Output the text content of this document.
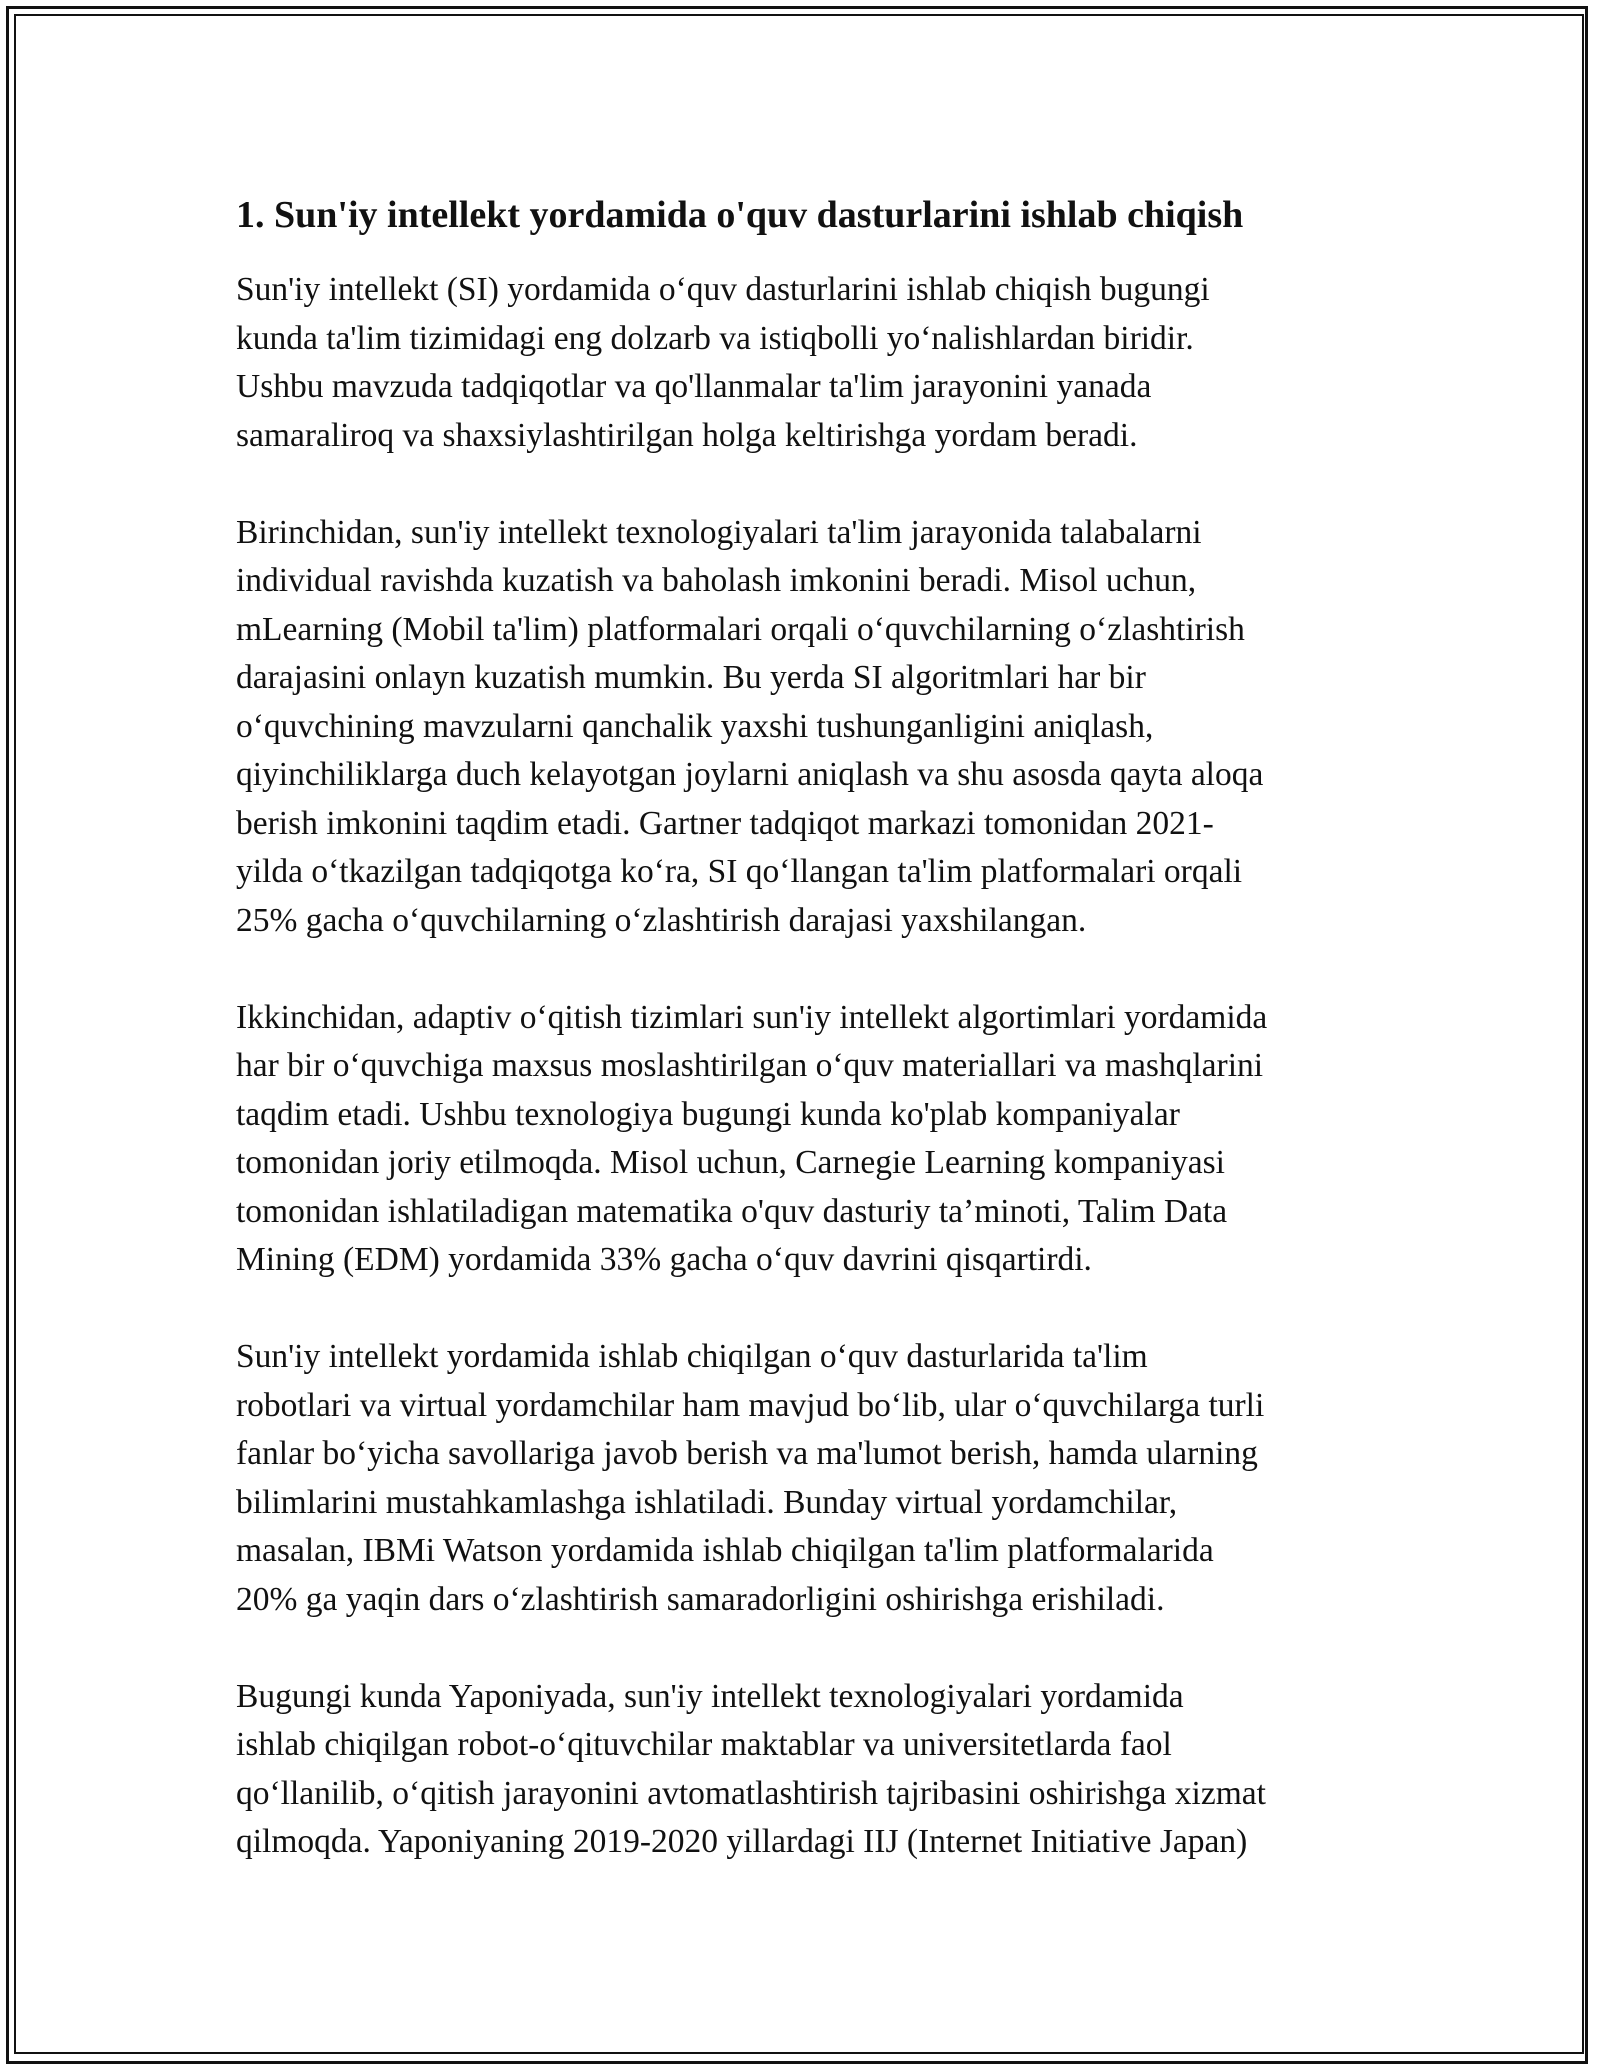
1. Sun'iy intellekt yordamida o'quv dasturlarini ishlab chiqish

Sun'iy intellekt (SI) yordamida o‘quv dasturlarini ishlab chiqish bugungi
kunda ta'lim tizimidagi eng dolzarb va istiqbolli yo‘nalishlardan biridir.
Ushbu mavzuda tadqiqotlar va qo'llanmalar ta'lim jarayonini yanada
samaraliroq va shaxsiylashtirilgan holga keltirishga yordam beradi.

Birinchidan, sun'iy intellekt texnologiyalari ta'lim jarayonida talabalarni
individual ravishda kuzatish va baholash imkonini beradi. Misol uchun,
mLearning (Mobil ta'lim) platformalari orqali o‘quvchilarning o‘zlashtirish
darajasini onlayn kuzatish mumkin. Bu yerda SI algoritmlari har bir
o‘quvchining mavzularni qanchalik yaxshi tushunganligini aniqlash,
qiyinchiliklarga duch kelayotgan joylarni aniqlash va shu asosda qayta aloqa
berish imkonini taqdim etadi. Gartner tadqiqot markazi tomonidan 2021-
yilda o‘tkazilgan tadqiqotga ko‘ra, SI qo‘llangan ta'lim platformalari orqali
25% gacha o‘quvchilarning o‘zlashtirish darajasi yaxshilangan.

Ikkinchidan, adaptiv o‘qitish tizimlari sun'iy intellekt algortimlari yordamida
har bir o‘quvchiga maxsus moslashtirilgan o‘quv materiallari va mashqlarini
taqdim etadi. Ushbu texnologiya bugungi kunda ko'plab kompaniyalar
tomonidan joriy etilmoqda. Misol uchun, Carnegie Learning kompaniyasi
tomonidan ishlatiladigan matematika o'quv dasturiy ta’minoti, Talim Data
Mining (EDM) yordamida 33% gacha o‘quv davrini qisqartirdi.

Sun'iy intellekt yordamida ishlab chiqilgan o‘quv dasturlarida ta'lim
robotlari va virtual yordamchilar ham mavjud bo‘lib, ular o‘quvchilarga turli
fanlar bo‘yicha savollariga javob berish va ma'lumot berish, hamda ularning
bilimlarini mustahkamlashga ishlatiladi. Bunday virtual yordamchilar,
masalan, IBMi Watson yordamida ishlab chiqilgan ta'lim platformalarida
20% ga yaqin dars o‘zlashtirish samaradorligini oshirishga erishiladi.

Bugungi kunda Yaponiyada, sun'iy intellekt texnologiyalari yordamida
ishlab chiqilgan robot-o‘qituvchilar maktablar va universitetlarda faol
qo‘llanilib, o‘qitish jarayonini avtomatlashtirish tajribasini oshirishga xizmat
qilmoqda. Yaponiyaning 2019-2020 yillardagi IIJ (Internet Initiative Japan)
